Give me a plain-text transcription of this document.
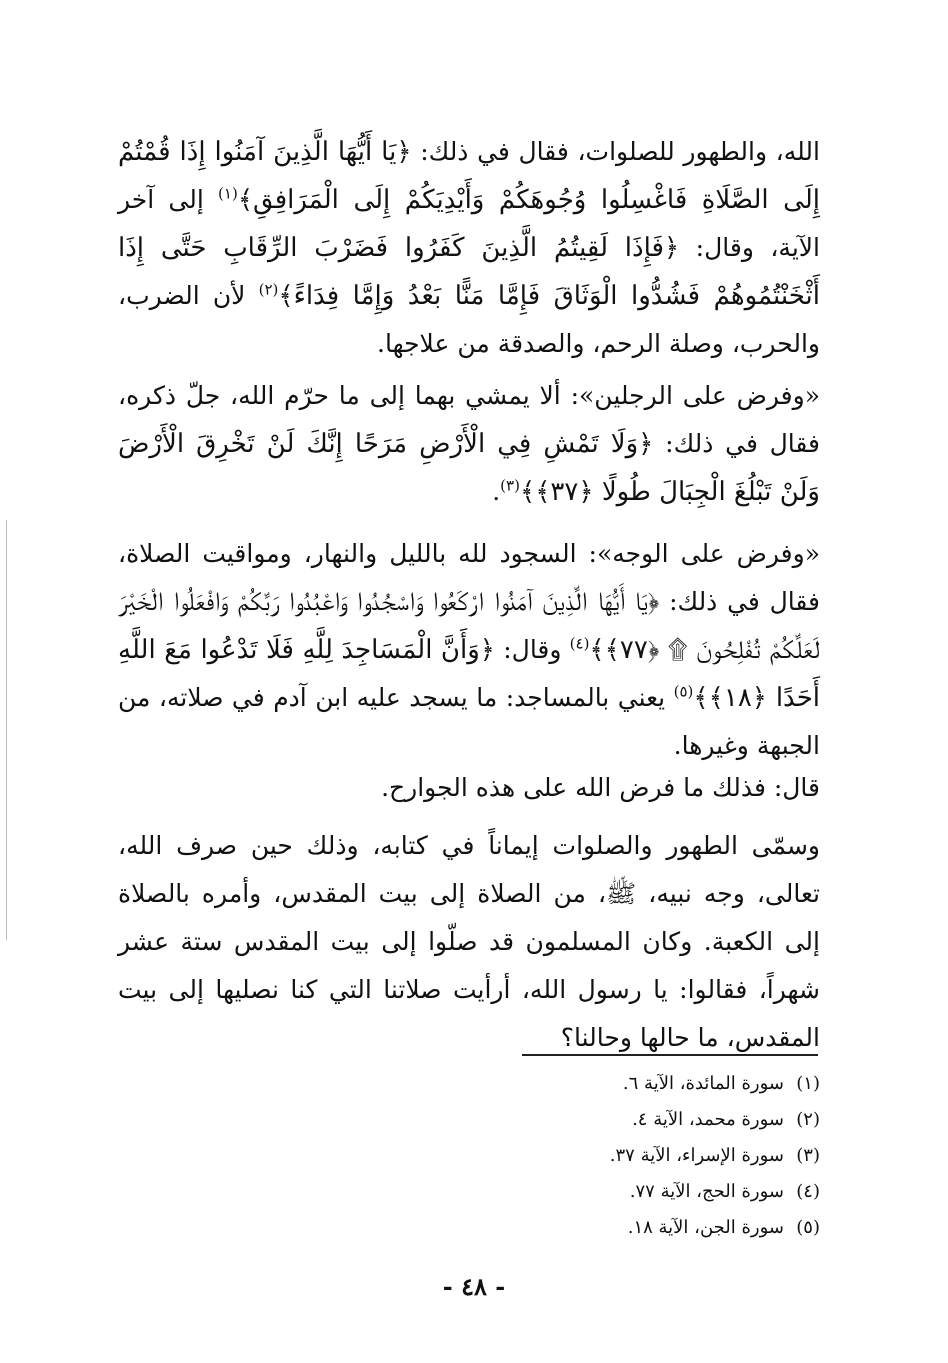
الله، والطهور للصلوات، فقال في ذلك: ﴿يَا أَيُّهَا الَّذِينَ آمَنُوا إِذَا قُمْتُمْ إِلَى الصَّلَاةِ فَاغْسِلُوا وُجُوهَكُمْ وَأَيْدِيَكُمْ إِلَى الْمَرَافِقِ﴾$^{(١)}$ إلى آخر الآية، وقال: ﴿فَإِذَا لَقِيتُمُ الَّذِينَ كَفَرُوا فَضَرْبَ الرِّقَابِ حَتَّى إِذَا أَثْخَنْتُمُوهُمْ فَشُدُّوا الْوَثَاقَ فَإِمَّا مَنًّا بَعْدُ وَإِمَّا فِدَاءً﴾$^{(٢)}$ لأن الضرب، والحرب، وصلة الرحم، والصدقة من علاجها.

«وفرض على الرجلين»: ألا يمشي بهما إلى ما حرّم الله، جلّ ذكره، فقال في ذلك: ﴿وَلَا تَمْشِ فِي الْأَرْضِ مَرَحًا إِنَّكَ لَنْ تَخْرِقَ الْأَرْضَ وَلَنْ تَبْلُغَ الْجِبَالَ طُولًا ﴿٣٧﴾﴾$^{(٣)}$.

«وفرض على الوجه»: السجود لله بالليل والنهار، ومواقيت الصلاة، فقال في ذلك: ﴿يَا أَيُّهَا الَّذِينَ آمَنُوا ارْكَعُوا وَاسْجُدُوا وَاعْبُدُوا رَبَّكُمْ وَافْعَلُوا الْخَيْرَ لَعَلَّكُمْ تُفْلِحُونَ ۩ ﴿٧٧﴾﴾$^{(٤)}$ وقال: ﴿وَأَنَّ الْمَسَاجِدَ لِلَّهِ فَلَا تَدْعُوا مَعَ اللَّهِ أَحَدًا ﴿١٨﴾﴾$^{(٥)}$ يعني بالمساجد: ما يسجد عليه ابن آدم في صلاته، من الجبهة وغيرها.

قال: فذلك ما فرض الله على هذه الجوارح.

وسمّى الطهور والصلوات إيماناً في كتابه، وذلك حين صرف الله، تعالى، وجه نبيه، ﷺ، من الصلاة إلى بيت المقدس، وأمره بالصلاة إلى الكعبة. وكان المسلمون قد صلّوا إلى بيت المقدس ستة عشر شهراً، فقالوا: يا رسول الله، أرأيت صلاتنا التي كنا نصليها إلى بيت المقدس، ما حالها وحالنا؟

(١)سورة المائدة، الآية ٦.
(٢)سورة محمد، الآية ٤.
(٣)سورة الإسراء، الآية ٣٧.
(٤)سورة الحج، الآية ٧٧.
(٥)سورة الجن، الآية ١٨.
- ٤٨ -
